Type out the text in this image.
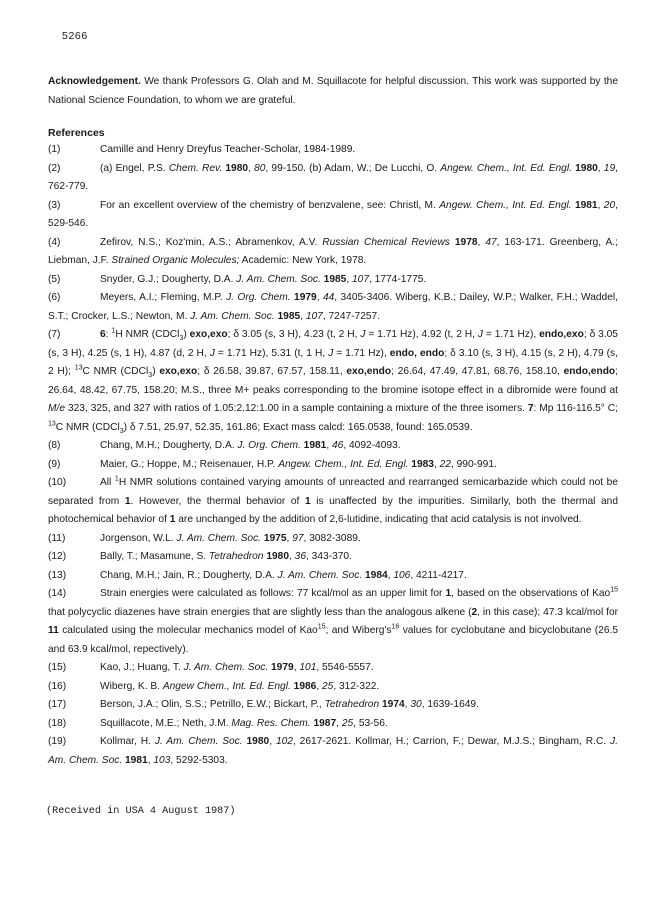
5266
Acknowledgement. We thank Professors G. Olah and M. Squillacote for helpful discussion. This work was supported by the National Science Foundation, to whom we are grateful.
References
(1)	Camille and Henry Dreyfus Teacher-Scholar, 1984-1989.
(2)	(a) Engel, P.S. Chem. Rev. 1980, 80, 99-150. (b) Adam, W.; De Lucchi, O. Angew. Chem., Int. Ed. Engl. 1980, 19, 762-779.
(3)	For an excellent overview of the chemistry of benzvalene, see: Christl, M. Angew. Chem., Int. Ed. Engl. 1981, 20, 529-546.
(4)	Zefirov, N.S.; Koz'min, A.S.; Abramenkov, A.V. Russian Chemical Reviews 1978, 47, 163-171. Greenberg, A.; Liebman, J.F. Strained Organic Molecules; Academic: New York, 1978.
(5)	Snyder, G.J.; Dougherty, D.A. J. Am. Chem. Soc. 1985, 107, 1774-1775.
(6)	Meyers, A.I.; Fleming, M.P. J. Org. Chem. 1979, 44, 3405-3406. Wiberg, K.B.; Dailey, W.P.; Walker, F.H.; Waddel, S.T.; Crocker, L.S.; Newton, M. J. Am. Chem. Soc. 1985, 107, 7247-7257.
(7)	6: $^1$H NMR (CDCl$_3$) exo,exo; δ 3.05 (s, 3 H), 4.23 (t, 2 H, J = 1.71 Hz), 4.92 (t, 2 H, J = 1.71 Hz), endo,exo; δ 3.05 (s, 3 H), 4.25 (s, 1 H), 4.87 (d, 2 H, J = 1.71 Hz), 5.31 (t, 1 H, J = 1.71 Hz), endo, endo; δ 3.10 (s, 3 H), 4.15 (s, 2 H), 4.79 (s, 2 H); $^{13}$C NMR (CDCl$_3$) exo,exo; δ 26.58, 39.87, 67.57, 158.11, exo,endo; 26.64, 47.49, 47.81, 68.76, 158.10, endo,endo; 26.64, 48.42, 67.75, 158.20; M.S., three M+ peaks corresponding to the bromine isotope effect in a dibromide were found at M/e 323, 325, and 327 with ratios of 1.05:2.12:1.00 in a sample containing a mixture of the three isomers. 7: Mp 116-116.5° C; $^{13}$C NMR (CDCl$_3$) δ 7.51, 25.97, 52.35, 161.86; Exact mass calcd: 165.0538, found: 165.0539.
(8)	Chang, M.H.; Dougherty, D.A. J. Org. Chem. 1981, 46, 4092-4093.
(9)	Maier, G.; Hoppe, M.; Reisenauer, H.P. Angew. Chem., Int. Ed. Engl. 1983, 22, 990-991.
(10)	All $^1$H NMR solutions contained varying amounts of unreacted and rearranged semicarbazide which could not be separated from 1. However, the thermal behavior of 1 is unaffected by the impurities. Similarly, both the thermal and photochemical behavior of 1 are unchanged by the addition of 2,6-lutidine, indicating that acid catalysis is not involved.
(11)	Jorgenson, W.L. J. Am. Chem. Soc. 1975, 97, 3082-3089.
(12)	Bally, T.; Masamune, S. Tetrahedron 1980, 36, 343-370.
(13)	Chang, M.H.; Jain, R.; Dougherty, D.A. J. Am. Chem. Soc. 1984, 106, 4211-4217.
(14)	Strain energies were calculated as follows: 77 kcal/mol as an upper limit for 1, based on the observations of Kao$^{15}$ that polycyclic diazenes have strain energies that are slightly less than the analogous alkene (2, in this case); 47.3 kcal/mol for 11 calculated using the molecular mechanics model of Kao$^{15}$; and $Wiberg's^{16}$ values for cyclobutane and bicyclobutane (26.5 and 63.9 kcal/mol, repectively).
(15)	Kao, J.; Huang, T. J. Am. Chem. Soc. 1979, 101, 5546-5557.
(16)	Wiberg, K. B. Angew Chem., Int. Ed. Engl. 1986, 25, 312-322.
(17)	Berson, J.A.; Olin, S.S.; Petrillo, E.W.; Bickart, P., Tetrahedron 1974, 30, 1639-1649.
(18)	Squillacote, M.E.; Neth, J.M. Mag. Res. Chem. 1987, 25, 53-56.
(19)	Kollmar, H. J. Am. Chem. Soc. 1980, 102, 2617-2621. Kollmar, H.; Carrion, F.; Dewar, M.J.S.; Bingham, R.C. J. Am. Chem. Soc. 1981, 103, 5292-5303.
(Received in USA 4 August 1987)
